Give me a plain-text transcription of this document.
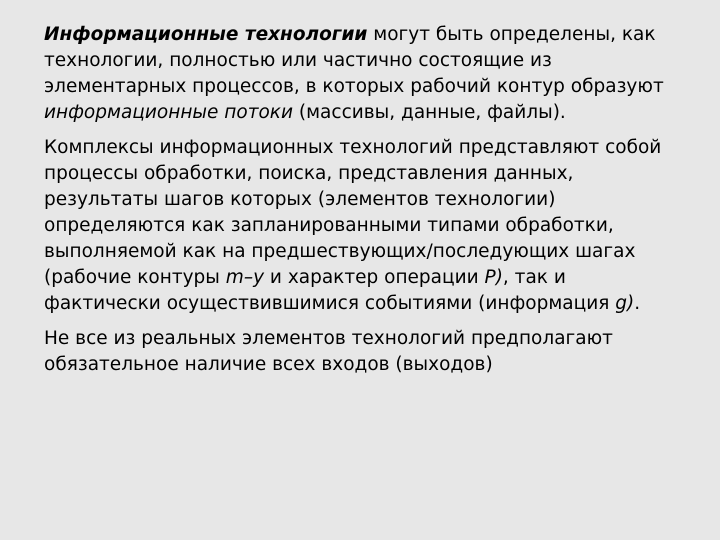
Информационные технологии могут быть определены, как технологии, полностью или частично состоящие из элементарных процессов, в которых рабочий контур образуют информационные потоки (массивы, данные, файлы).

Комплексы информационных технологий представляют собой процессы обработки, поиска, представления данных, результаты шагов которых (элементов технологии) определяются как запланированными типами обработки, выполняемой как на предшествующих/последующих шагах (рабочие контуры m–y и характер операции P), так и фактически осуществившимися событиями (информация g).

Не все из реальных элементов технологий предполагают обязательное наличие всех входов (выходов)
